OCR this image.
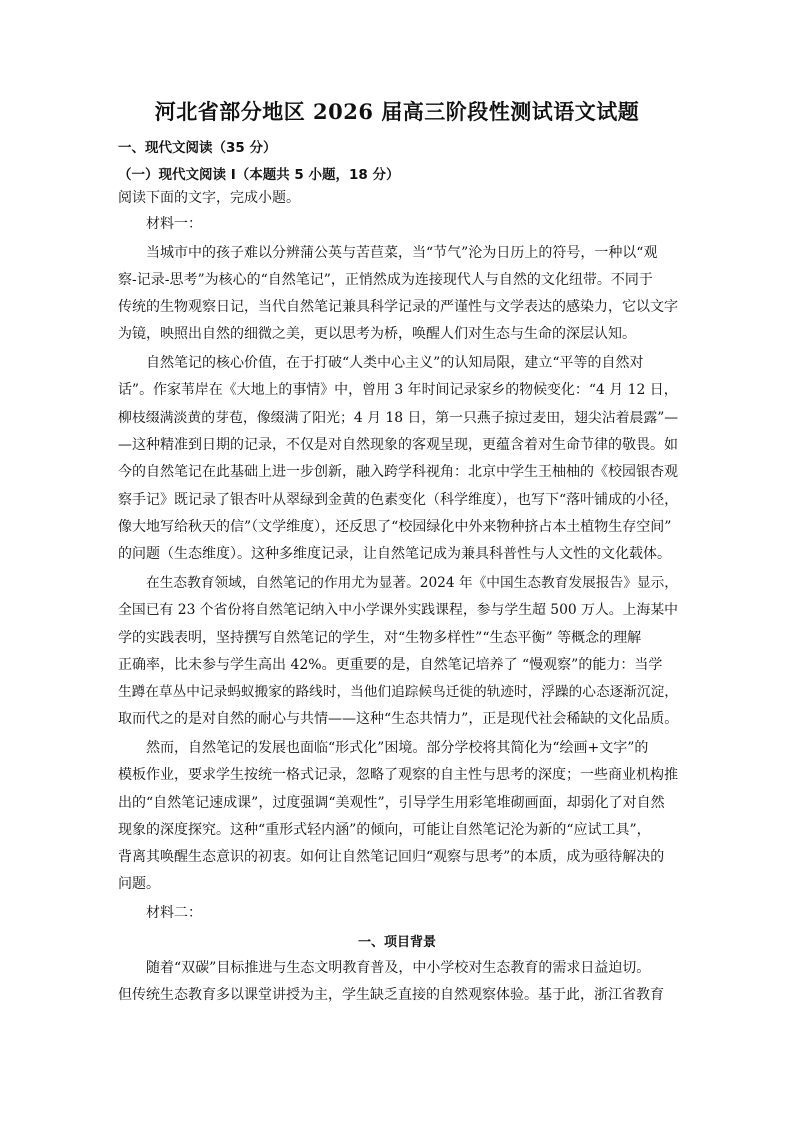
河北省部分地区 2026 届高三阶段性测试语文试题
一、现代文阅读（35 分）
（一）现代文阅读 I（本题共 5 小题，18 分）
阅读下面的文字，完成小题。
材料一：
当城市中的孩子难以分辨蒲公英与苦苣菜，当“节气”沦为日历上的符号，一种以“观
察-记录-思考”为核心的“自然笔记”，正悄然成为连接现代人与自然的文化纽带。不同于
传统的生物观察日记，当代自然笔记兼具科学记录的严谨性与文学表达的感染力，它以文字
为镜，映照出自然的细微之美，更以思考为桥，唤醒人们对生态与生命的深层认知。
自然笔记的核心价值，在于打破“人类中心主义”的认知局限，建立“平等的自然对
话”。作家苇岸在《大地上的事情》中，曾用 3 年时间记录家乡的物候变化：“4 月 12 日，
柳枝缀满淡黄的芽苞，像缀满了阳光；4 月 18 日，第一只燕子掠过麦田，翅尖沾着晨露”—
—这种精准到日期的记录，不仅是对自然现象的客观呈现，更蕴含着对生命节律的敬畏。如
今的自然笔记在此基础上进一步创新，融入跨学科视角：北京中学生王柚柚的《校园银杏观
察手记》既记录了银杏叶从翠绿到金黄的色素变化（科学维度），也写下“落叶铺成的小径，
像大地写给秋天的信”（文学维度），还反思了“校园绿化中外来物种挤占本土植物生存空间”
的问题（生态维度）。这种多维度记录，让自然笔记成为兼具科普性与人文性的文化载体。
在生态教育领域，自然笔记的作用尤为显著。2024 年《中国生态教育发展报告》显示，
全国已有 23 个省份将自然笔记纳入中小学课外实践课程，参与学生超 500 万人。上海某中
学的实践表明，坚持撰写自然笔记的学生，对“生物多样性”“生态平衡” 等概念的理解
正确率，比未参与学生高出 42%。更重要的是，自然笔记培养了 “慢观察”的能力：当学
生蹲在草丛中记录蚂蚁搬家的路线时，当他们追踪候鸟迁徙的轨迹时，浮躁的心态逐渐沉淀，
取而代之的是对自然的耐心与共情——这种“生态共情力”，正是现代社会稀缺的文化品质。
然而，自然笔记的发展也面临“形式化”困境。部分学校将其简化为“绘画+文字”的
模板作业，要求学生按统一格式记录，忽略了观察的自主性与思考的深度；一些商业机构推
出的“自然笔记速成课”，过度强调“美观性”，引导学生用彩笔堆砌画面，却弱化了对自然
现象的深度探究。这种“重形式轻内涵”的倾向，可能让自然笔记沦为新的“应试工具”，
背离其唤醒生态意识的初衷。如何让自然笔记回归“观察与思考”的本质，成为亟待解决的
问题。
材料二：
一、项目背景
随着“双碳”目标推进与生态文明教育普及，中小学校对生态教育的需求日益迫切。
但传统生态教育多以课堂讲授为主，学生缺乏直接的自然观察体验。基于此，浙江省教育
